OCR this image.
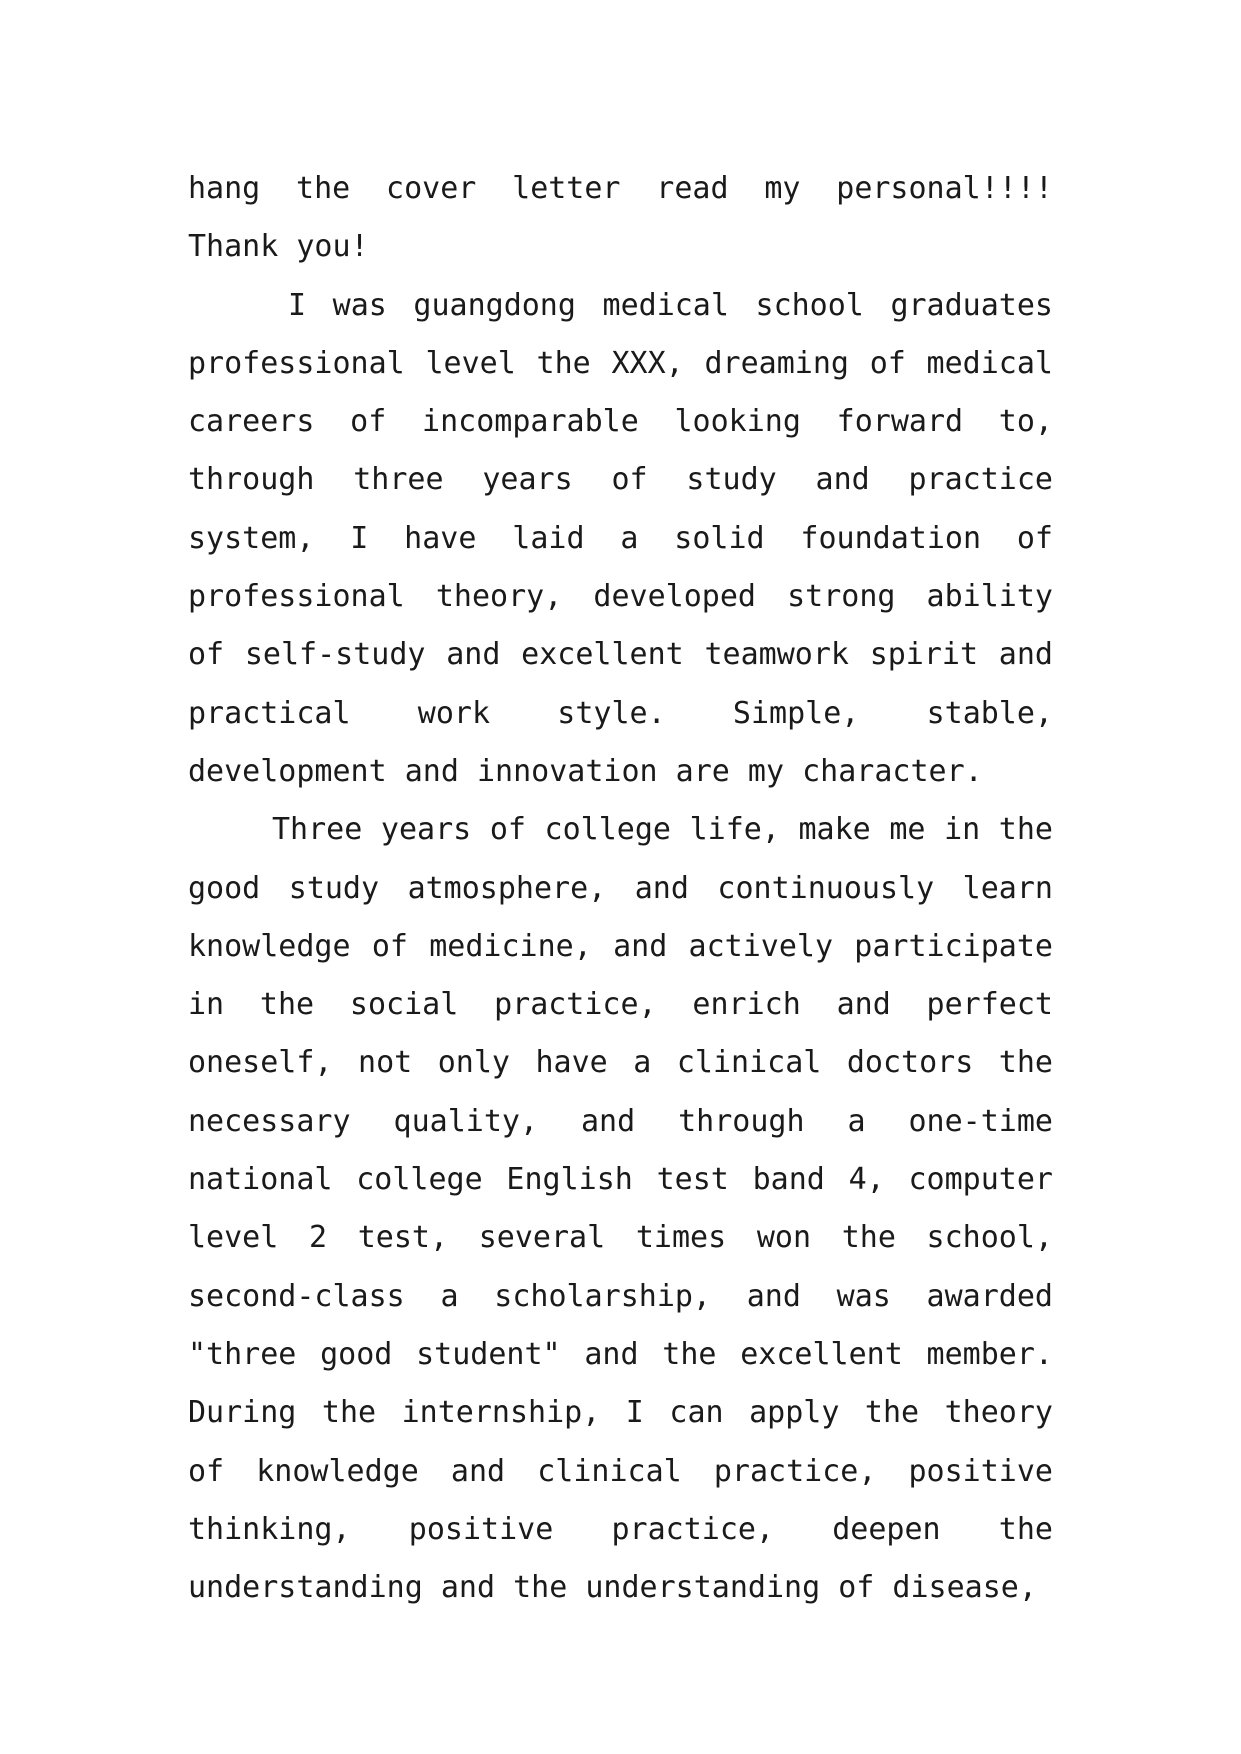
hang the cover letter read my personal!!!! Thank you!

I was guangdong medical school graduates professional level the XXX, dreaming of medical careers of incomparable looking forward to, through three years of study and practice system, I have laid a solid foundation of professional theory, developed strong ability of self-study and excellent teamwork spirit and practical work style. Simple, stable, development and innovation are my character.

Three years of college life, make me in the good study atmosphere, and continuously learn knowledge of medicine, and actively participate in the social practice, enrich and perfect oneself, not only have a clinical doctors the necessary quality, and through a one-time national college English test band 4, computer level 2 test, several times won the school, second-class a scholarship, and was awarded "three good student" and the excellent member. During the internship, I can apply the theory of knowledge and clinical practice, positive thinking, positive practice, deepen the understanding and the understanding of disease,
